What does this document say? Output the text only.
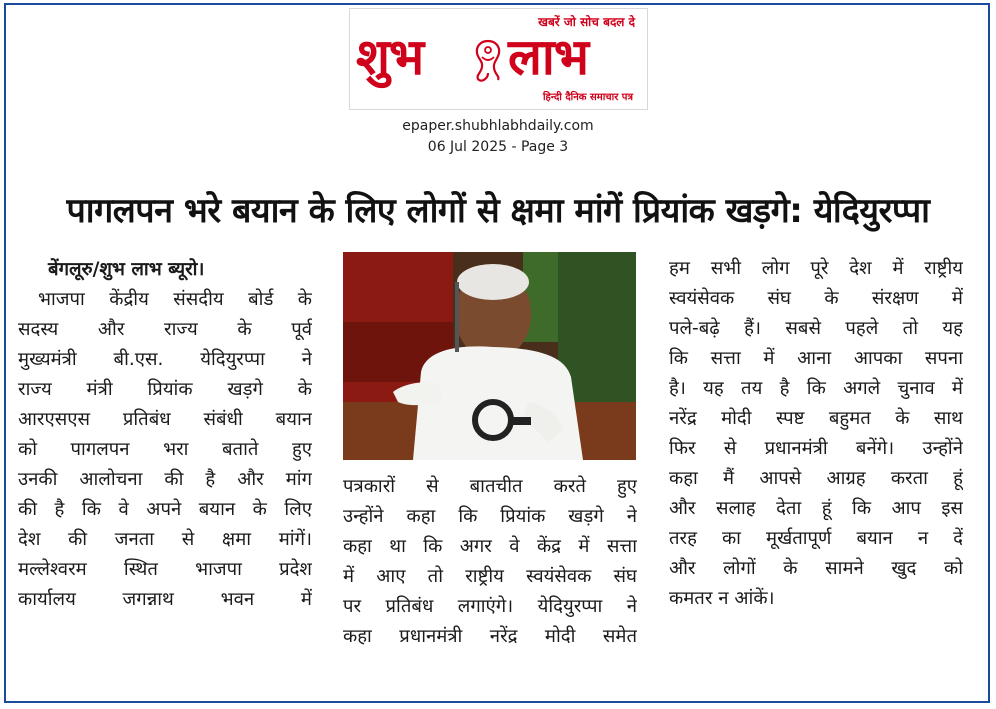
खबरें जो सोच बदल दे
शुभ लाभ
हिन्दी दैनिक समाचार पत्र
epaper.shubhlabhdaily.com
06 Jul 2025 - Page 3
पागलपन भरे बयान के लिए लोगों से क्षमा मांगें प्रियांक खड़गे: येदियुरप्पा
बेंगलूरु/शुभ लाभ ब्यूरो।
भाजपा केंद्रीय संसदीय बोर्ड के
सदस्य और राज्य के पूर्व
मुख्यमंत्री बी.एस. येदियुरप्पा ने
राज्य मंत्री प्रियांक खड़गे के
आरएसएस प्रतिबंध संबंधी बयान
को पागलपन भरा बताते हुए
उनकी आलोचना की है और मांग
की है कि वे अपने बयान के लिए
देश की जनता से क्षमा मांगें।
मल्लेश्वरम स्थित भाजपा प्रदेश
कार्यालय जगन्नाथ भवन में
पत्रकारों से बातचीत करते हुए
उन्होंने कहा कि प्रियांक खड़गे ने
कहा था कि अगर वे केंद्र में सत्ता
में आए तो राष्ट्रीय स्वयंसेवक संघ
पर प्रतिबंध लगाएंगे। येदियुरप्पा ने
कहा प्रधानमंत्री नरेंद्र मोदी समेत
हम सभी लोग पूरे देश में राष्ट्रीय
स्वयंसेवक संघ के संरक्षण में
पले-बढ़े हैं। सबसे पहले तो यह
कि सत्ता में आना आपका सपना
है। यह तय है कि अगले चुनाव में
नरेंद्र मोदी स्पष्ट बहुमत के साथ
फिर से प्रधानमंत्री बनेंगे। उन्होंने
कहा मैं आपसे आग्रह करता हूं
और सलाह देता हूं कि आप इस
तरह का मूर्खतापूर्ण बयान न दें
और लोगों के सामने खुद को
कमतर न आंकें।
